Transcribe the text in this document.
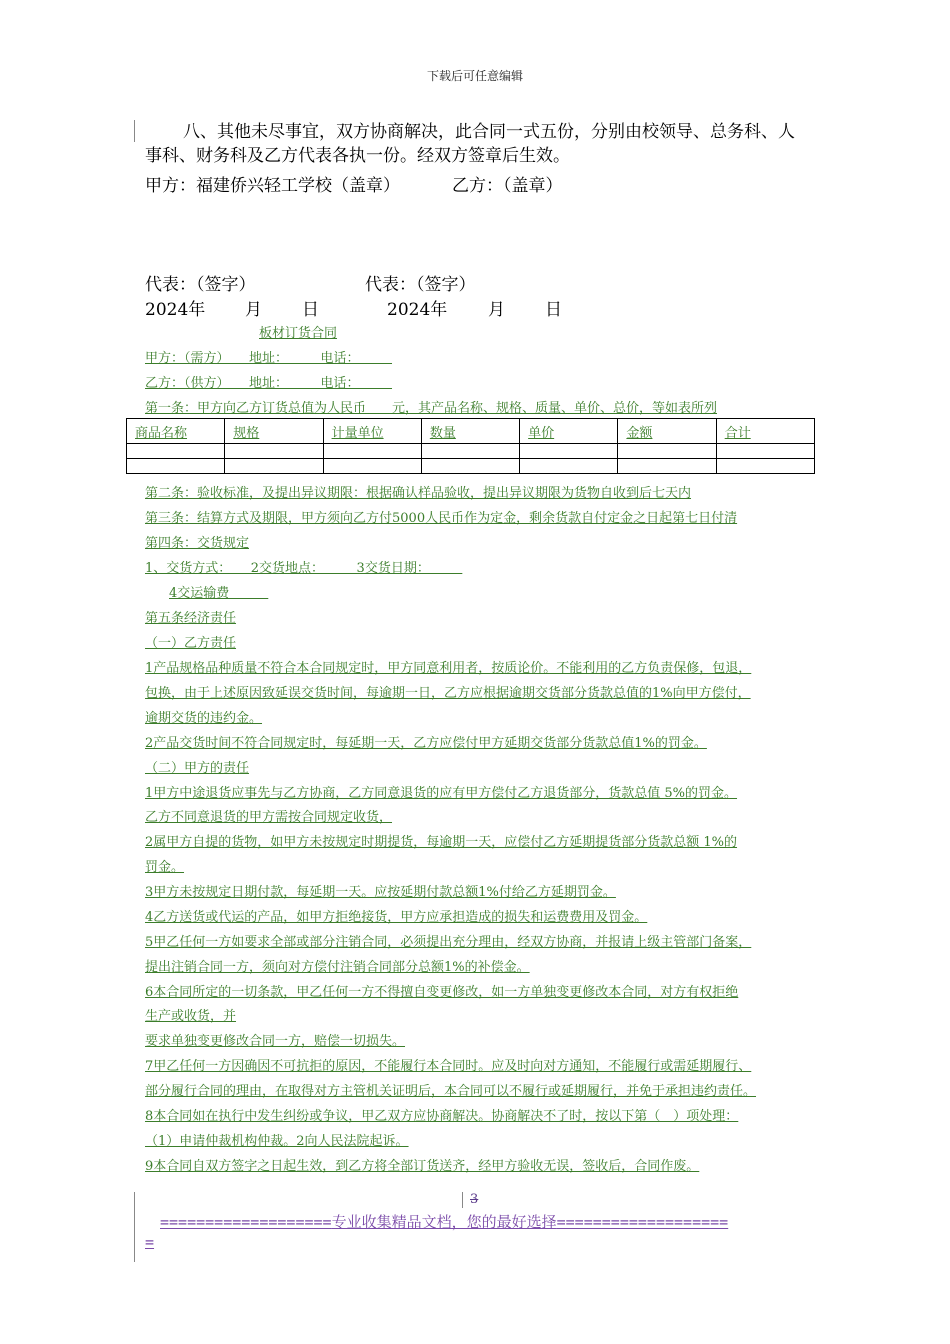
下载后可任意编辑
八、其他未尽事宜，双方协商解决，此合同一式五份，分别由校领导、总务科、人事科、财务科及乙方代表各执一份。经双方签章后生效。
甲方：福建侨兴轻工学校（盖章）	乙方：（盖章）
代表：（签字）	代表：（签字）
2024年 月 日	2024年 月 日
板材订货合同
甲方：（需方）　　地址：　　　电话：　　　
乙方：（供方）　　地址：　　　电话：　　　
第一条：甲方向乙方订货总值为人民币　　元，其产品名称、规格、质量、单价、总价，等如表所列
商品名称	规格	计量单位	数量	单价	金额	合计

第二条：验收标准，及提出异议期限：根据确认样品验收，提出异议期限为货物自收到后七天内
第三条：结算方式及期限，甲方须向乙方付5000人民币作为定金，剩余货款自付定金之日起第七日付清
第四条：交货规定
1、交货方式：　　2交货地点：　　　3交货日期：　　　
4交运输费　　　
第五条经济责任
（一）乙方责任
1产品规格品种质量不符合本合同规定时，甲方同意利用者，按质论价。不能利用的乙方负责保修，包退，
包换，由于上述原因致延误交货时间，每逾期一日，乙方应根据逾期交货部分货款总值的1%向甲方偿付，
逾期交货的违约金。
2产品交货时间不符合同规定时，每延期一天，乙方应偿付甲方延期交货部分货款总值1%的罚金。
（二）甲方的责任
1甲方中途退货应事先与乙方协商，乙方同意退货的应有甲方偿付乙方退货部分，货款总值 5%的罚金。
乙方不同意退货的甲方需按合同规定收货，
2属甲方自提的货物，如甲方未按规定时期提货，每逾期一天，应偿付乙方延期提货部分货款总额 1%的
罚金。
3甲方未按规定日期付款，每延期一天。应按延期付款总额1%付给乙方延期罚金。
4乙方送货或代运的产品，如甲方拒绝接货，甲方应承担造成的损失和运费费用及罚金。
5甲乙任何一方如要求全部或部分注销合同，必须提出充分理由，经双方协商，并报请上级主管部门备案，
提出注销合同一方，须向对方偿付注销合同部分总额1%的补偿金。
6本合同所定的一切条款，甲乙任何一方不得擅自变更修改，如一方单独变更修改本合同，对方有权拒绝
生产或收货，并
要求单独变更修改合同一方，赔偿一切损失。
7甲乙任何一方因确因不可抗拒的原因，不能履行本合同时。应及时向对方通知，不能履行或需延期履行、
部分履行合同的理由，在取得对方主管机关证明后，本合同可以不履行或延期履行，并免于承担违约责任。
8本合同如在执行中发生纠纷或争议，甲乙双方应协商解决。协商解决不了时，按以下第（　）项处理：
（1）申请仲裁机构仲裁。2向人民法院起诉。
9本合同自双方签字之日起生效，到乙方将全部订货送齐，经甲方验收无误，签收后，合同作废。
3
===================专业收集精品文档，您的最好选择===================
=
